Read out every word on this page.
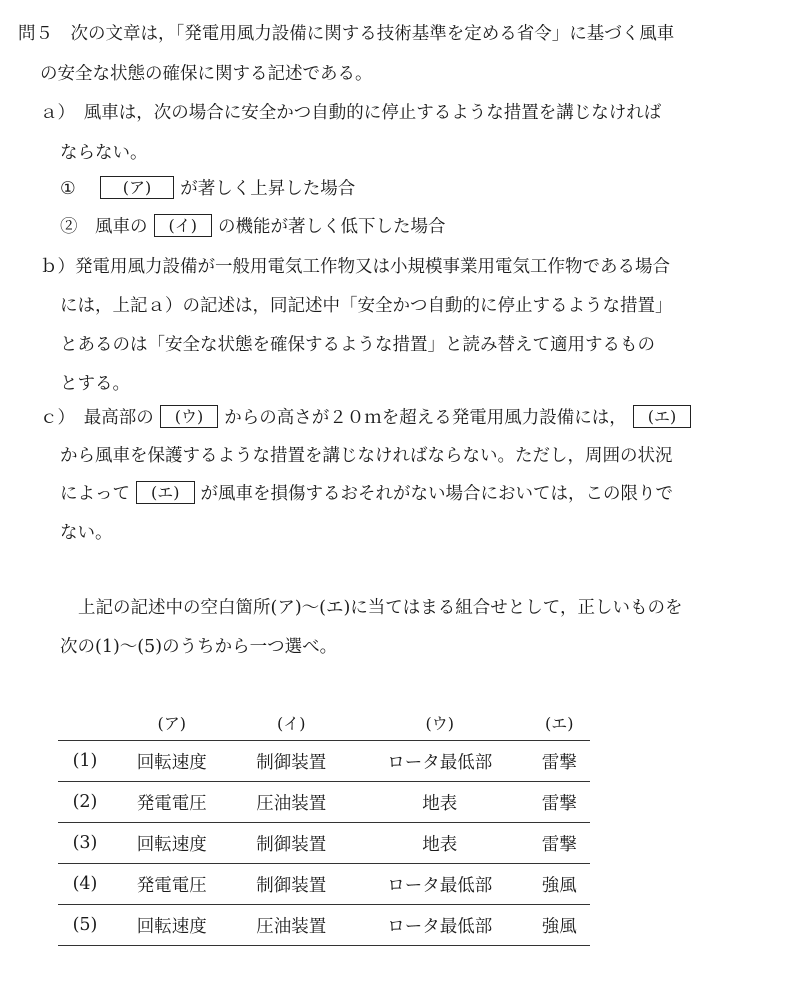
問５　次の文章は，「発電用風力設備に関する技術基準を定める省令」に基づく風車
の安全な状態の確保に関する記述である。
ａ）　風車は，次の場合に安全かつ自動的に停止するような措置を講じなければ
ならない。
①	(ア) が著しく上昇した場合
②　風車の (イ) の機能が著しく低下した場合
ｂ）発電用風力設備が一般用電気工作物又は小規模事業用電気工作物である場合
には，上記ａ）の記述は，同記述中「安全かつ自動的に停止するような措置」
とあるのは「安全な状態を確保するような措置」と読み替えて適用するもの
とする。
ｃ）　最高部の (ウ) からの高さが２０ｍを超える発電用風力設備には， (エ)
から風車を保護するような措置を講じなければならない。ただし，周囲の状況
によって (エ) が風車を損傷するおそれがない場合においては，この限りで
ない。
上記の記述中の空白箇所(ア)～(エ)に当てはまる組合せとして，正しいものを
次の(1)～(5)のうちから一つ選べ。
	(ア)	(イ)	(ウ)	(エ)
(1)	回転速度	制御装置	ロータ最低部	雷撃
(2)	発電電圧	圧油装置	地表	雷撃
(3)	回転速度	制御装置	地表	雷撃
(4)	発電電圧	制御装置	ロータ最低部	強風
(5)	回転速度	圧油装置	ロータ最低部	強風
